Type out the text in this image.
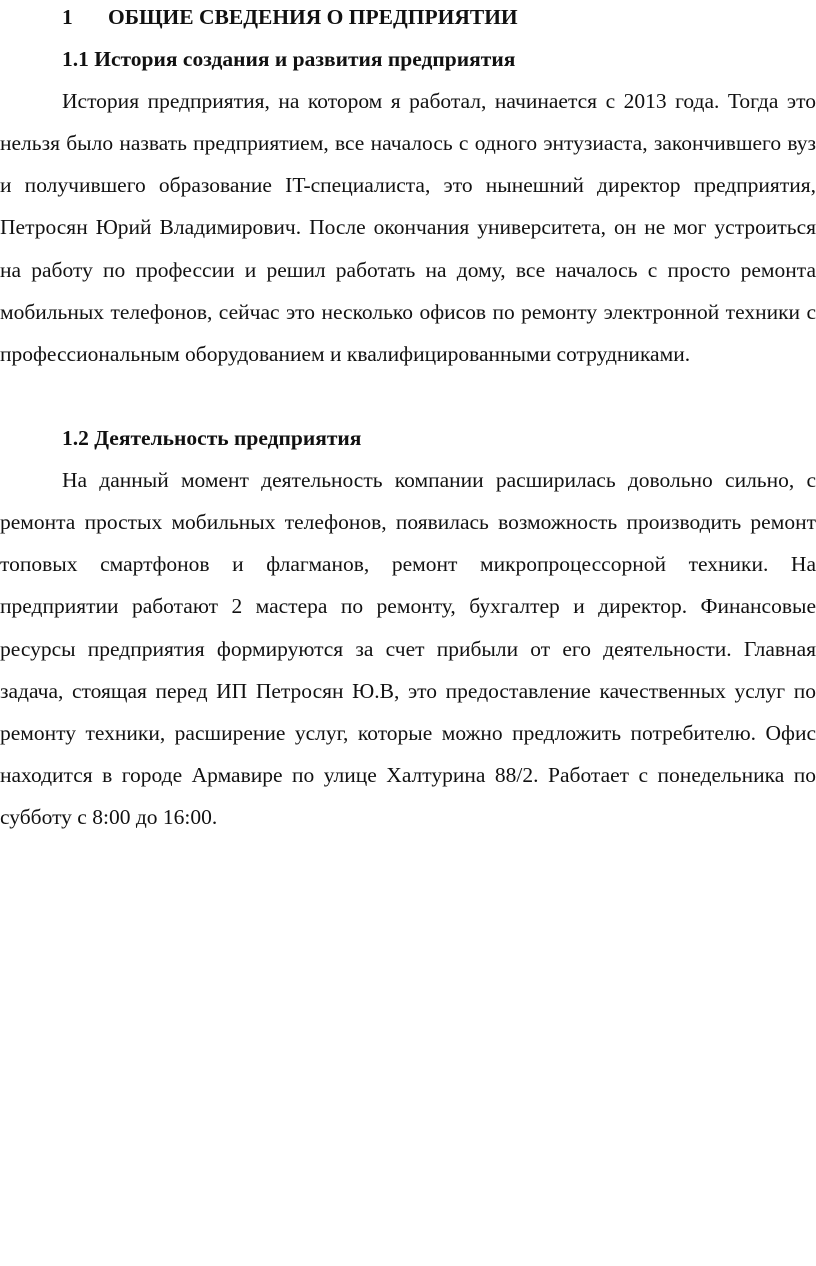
1 ОБЩИЕ СВЕДЕНИЯ О ПРЕДПРИЯТИИ
1.1 История создания и развития предприятия

История предприятия, на котором я работал, начинается с 2013 года. Тогда это нельзя было назвать предприятием, все началось с одного энтузиаста, закончившего вуз и получившего образование IT-специалиста, это нынешний директор предприятия, Петросян Юрий Владимирович. После окончания университета, он не мог устроиться на работу по профессии и решил работать на дому, все началось с просто ремонта мобильных телефонов, сейчас это несколько офисов по ремонту электронной техники с профессиональным оборудованием и квалифицированными сотрудниками.

1.2 Деятельность предприятия

На данный момент деятельность компании расширилась довольно сильно, с ремонта простых мобильных телефонов, появилась возможность производить ремонт топовых смартфонов и флагманов, ремонт микропроцессорной техники. На предприятии работают 2 мастера по ремонту, бухгалтер и директор. Финансовые ресурсы предприятия формируются за счет прибыли от его деятельности. Главная задача, стоящая перед ИП Петросян Ю.В, это предоставление качественных услуг по ремонту техники, расширение услуг, которые можно предложить потребителю. Офис находится в городе Армавире по улице Халтурина 88/2. Работает с понедельника по субботу с 8:00 до 16:00.
